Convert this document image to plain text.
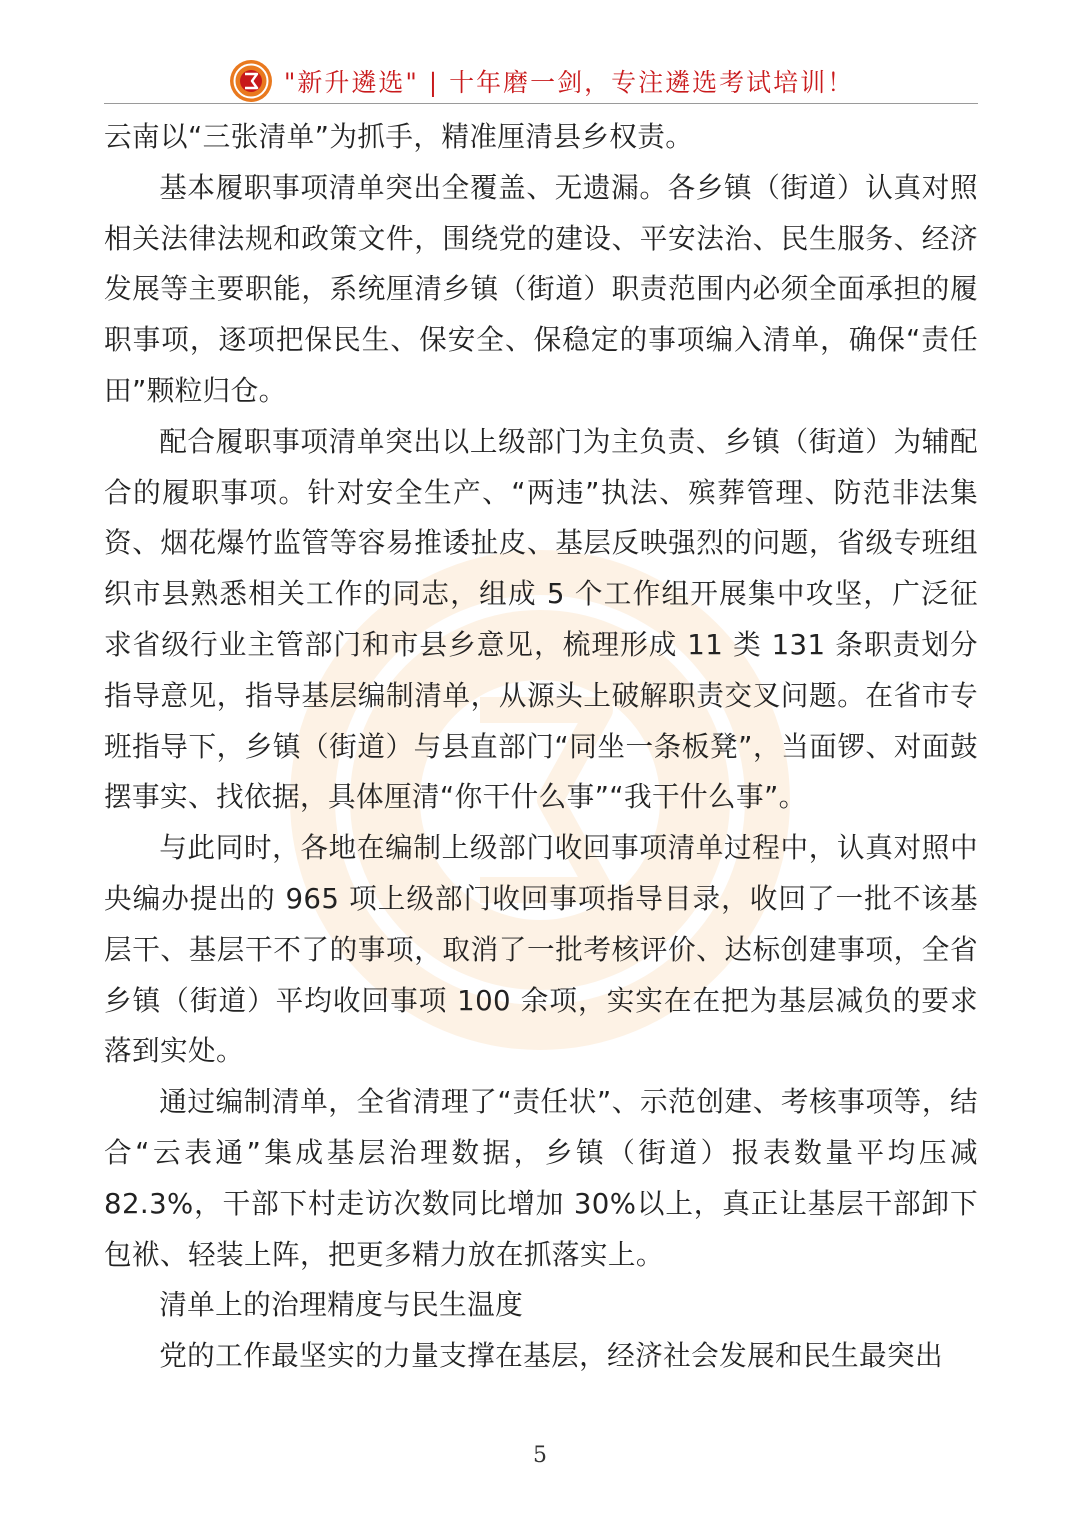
"新升遴选" | 十年磨一剑，专注遴选考试培训！

云南以“三张清单”为抓手，精准厘清县乡权责。

基本履职事项清单突出全覆盖、无遗漏。各乡镇（街道）认真对照相关法律法规和政策文件，围绕党的建设、平安法治、民生服务、经济发展等主要职能，系统厘清乡镇（街道）职责范围内必须全面承担的履职事项，逐项把保民生、保安全、保稳定的事项编入清单，确保“责任田”颗粒归仓。

配合履职事项清单突出以上级部门为主负责、乡镇（街道）为辅配合的履职事项。针对安全生产、“两违”执法、殡葬管理、防范非法集资、烟花爆竹监管等容易推诿扯皮、基层反映强烈的问题，省级专班组织市县熟悉相关工作的同志，组成 5 个工作组开展集中攻坚，广泛征求省级行业主管部门和市县乡意见，梳理形成 11 类 131 条职责划分指导意见，指导基层编制清单，从源头上破解职责交叉问题。在省市专班指导下，乡镇（街道）与县直部门“同坐一条板凳”，当面锣、对面鼓摆事实、找依据，具体厘清“你干什么事”“我干什么事”。

与此同时，各地在编制上级部门收回事项清单过程中，认真对照中央编办提出的 965 项上级部门收回事项指导目录，收回了一批不该基层干、基层干不了的事项，取消了一批考核评价、达标创建事项，全省乡镇（街道）平均收回事项 100 余项，实实在在把为基层减负的要求落到实处。

通过编制清单，全省清理了“责任状”、示范创建、考核事项等，结合“云表通”集成基层治理数据，乡镇（街道）报表数量平均压减 82.3%，干部下村走访次数同比增加 30%以上，真正让基层干部卸下包袱、轻装上阵，把更多精力放在抓落实上。

清单上的治理精度与民生温度

党的工作最坚实的力量支撑在基层，经济社会发展和民生最突出

5
